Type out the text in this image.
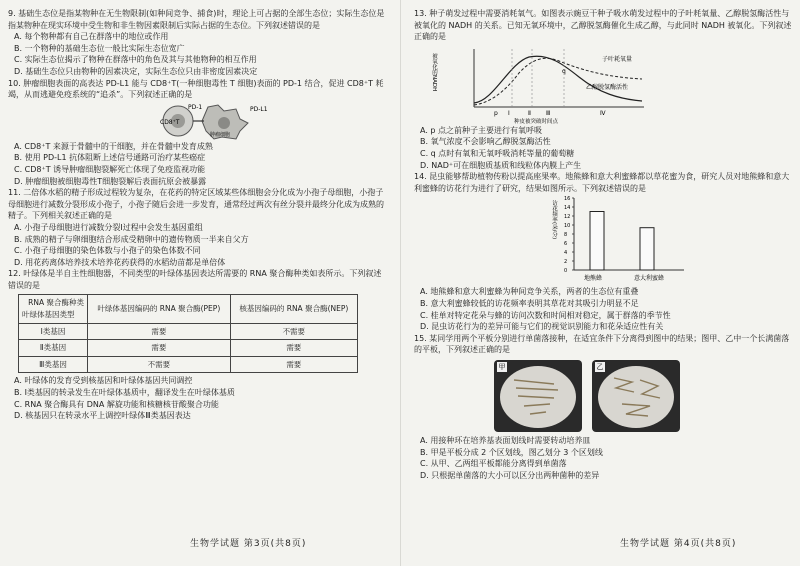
9. 基础生态位是指某物种在无生物限制(如种间竞争、捕食)时，理论上可占据的全部生态位；实际生态位是指某物种在现实环境中受生物和非生物因素限制后实际占据的生态位。下列叙述错误的是

A. 每个物种都有自己在群落中的地位或作用
B. 一个物种的基础生态位一般比实际生态位宽广
C. 实际生态位揭示了物种在群落中的角色及其与其他物种的相互作用
D. 基础生态位只由物种的因素决定，实际生态位只由非密度因素决定

10. 肿瘤细胞表面的高表达 PD-L1 能与 CD8⁺T(一种细胞毒性 T 细胞)表面的 PD-1 结合，促进 CD8⁺T 耗竭，从而逃避免疫系统的“追杀”。下列叙述正确的是

CD8⁺T
PD-1	PD-L1
肿瘤细胞
A. CD8⁺T 来源于骨髓中的干细胞，并在骨髓中发育成熟
B. 使用 PD-L1 抗体阻断上述信号通路可治疗某些癌症
C. CD8⁺T 诱导肿瘤细胞裂解死亡体现了免疫监视功能
D. 肿瘤细胞被细胞毒性T细胞裂解后表面抗原会被暴露

11. 二倍体水稻的精子形成过程较为复杂，在花药的特定区域某些体细胞会分化成为小孢子母细胞，小孢子母细胞进行减数分裂形成小孢子，小孢子随后会进一步发育，通常经过两次有丝分裂并最终分化成为成熟的精子。下列相关叙述正确的是

A. 小孢子母细胞进行减数分裂Ⅰ过程中会发生基因重组
B. 成熟的精子与卵细胞结合形成受精卵中的遗传物质一半来自父方
C. 小孢子母细胞的染色体数与小孢子的染色体数不同
D. 用花药离体培养技术培养花药获得的水稻幼苗都是单倍体

12. 叶绿体是半自主性细胞器，不同类型的叶绿体基因表达所需要的 RNA 聚合酶种类如表所示。下列叙述错误的是

RNA 聚合酶种类
叶绿体基因类型	叶绿体基因编码的 RNA 聚合酶(PEP)	核基因编码的 RNA 聚合酶(NEP)
Ⅰ类基因	需要	不需要
Ⅱ类基因	需要	需要
Ⅲ类基因	不需要	需要
A. 叶绿体的发育受到核基因和叶绿体基因共同调控
B. Ⅰ类基因的转录发生在叶绿体基质中，翻译发生在叶绿体基质
C. RNA 聚合酶具有 DNA 解旋功能和核糖核苷酸聚合功能
D. 核基因只在转录水平上调控叶绿体Ⅲ类基因表达
生物学试题 第3页(共8页)

13. 种子萌发过程中需要消耗氧气。如图表示豌豆干种子吸水萌发过程中的子叶耗氧量、乙醇脱氢酶活性与被氧化的 NADH 的关系。已知无氧环境中，乙醇脱氢酶催化生成乙醇，与此同时 NADH 被氧化。下列叙述正确的是

Ⅰ	Ⅱ	Ⅲ	Ⅳ
p
q
子叶耗氧量
乙醇脱氢酶活性
被氧化的NADH
种皮被突破时间点
A. p 点之前种子主要进行有氧呼吸
B. 氧气浓度不会影响乙醇脱氢酶活性
C. q 点时有氧和无氧呼吸消耗等量的葡萄糖
D. NAD⁺可在细胞质基质和线粒体内膜上产生

14. 昆虫能够帮助植物传粉以提高座果率。地熊蜂和意大利蜜蜂都以草花蜜为食，研究人员对地熊蜂和意大利蜜蜂的访花行为进行了研究，结果如图所示。下列叙述错误的是

访花频率(朵/分)
0
2
4
6
8
10
12
14
16
地熊蜂	意大利蜜蜂
A. 地熊蜂和意大利蜜蜂为种间竞争关系，两者的生态位有重叠
B. 意大利蜜蜂较低的访花频率表明其草花对其吸引力明显不足
C. 桂单对特定花朵与蜂的访问次数和时间相对稳定，属于群落的季节性
D. 昆虫访花行为的差异可能与它们的视觉识别能力和花朵适应性有关

15. 某同学用两个平板分别进行单菌落接种，在适宜条件下分离得到图中的结果；图甲、乙中一个长满菌落的平板，下列叙述正确的是

甲	乙
A. 用接种环在培养基表面划线时需要转动培养皿
B. 甲是平板分成 2 个区划线，图乙划分 3 个区划线
C. 从甲、乙两组平板都能分离得到单菌落
D. 只根据单菌落的大小可以区分出两种菌种的差异
生物学试题 第4页(共8页)
